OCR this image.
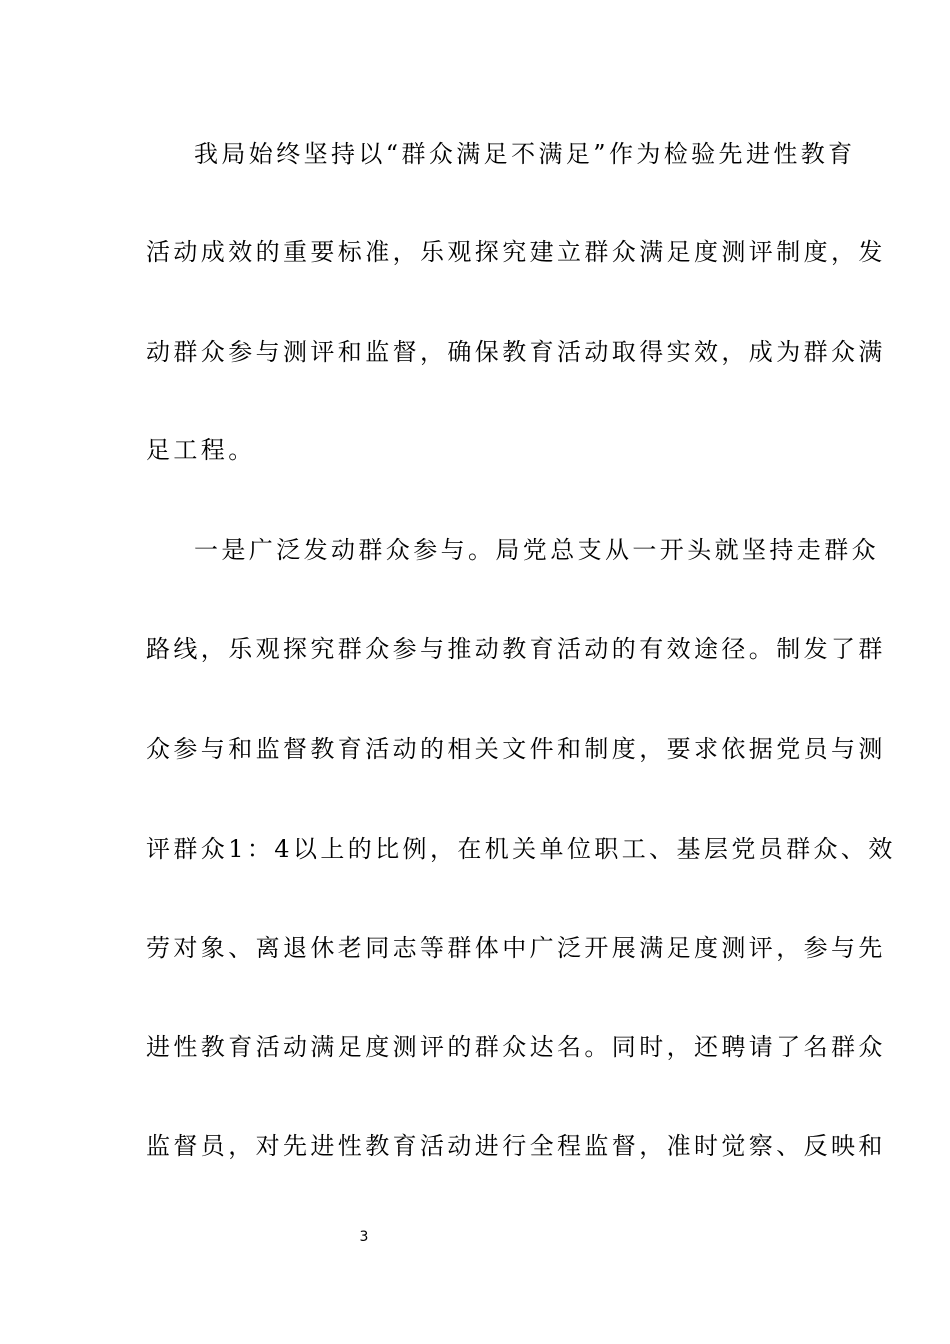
我局始终坚持以“群众满足不满足”作为检验先进性教育
活动成效的重要标准，乐观探究建立群众满足度测评制度，发
动群众参与测评和监督，确保教育活动取得实效，成为群众满
足工程。
一是广泛发动群众参与。局党总支从一开头就坚持走群众
路线，乐观探究群众参与推动教育活动的有效途径。制发了群
众参与和监督教育活动的相关文件和制度，要求依据党员与测
评群众1：4以上的比例，在机关单位职工、基层党员群众、效
劳对象、离退休老同志等群体中广泛开展满足度测评，参与先
进性教育活动满足度测评的群众达名。同时，还聘请了名群众
监督员，对先进性教育活动进行全程监督，准时觉察、反映和
3
